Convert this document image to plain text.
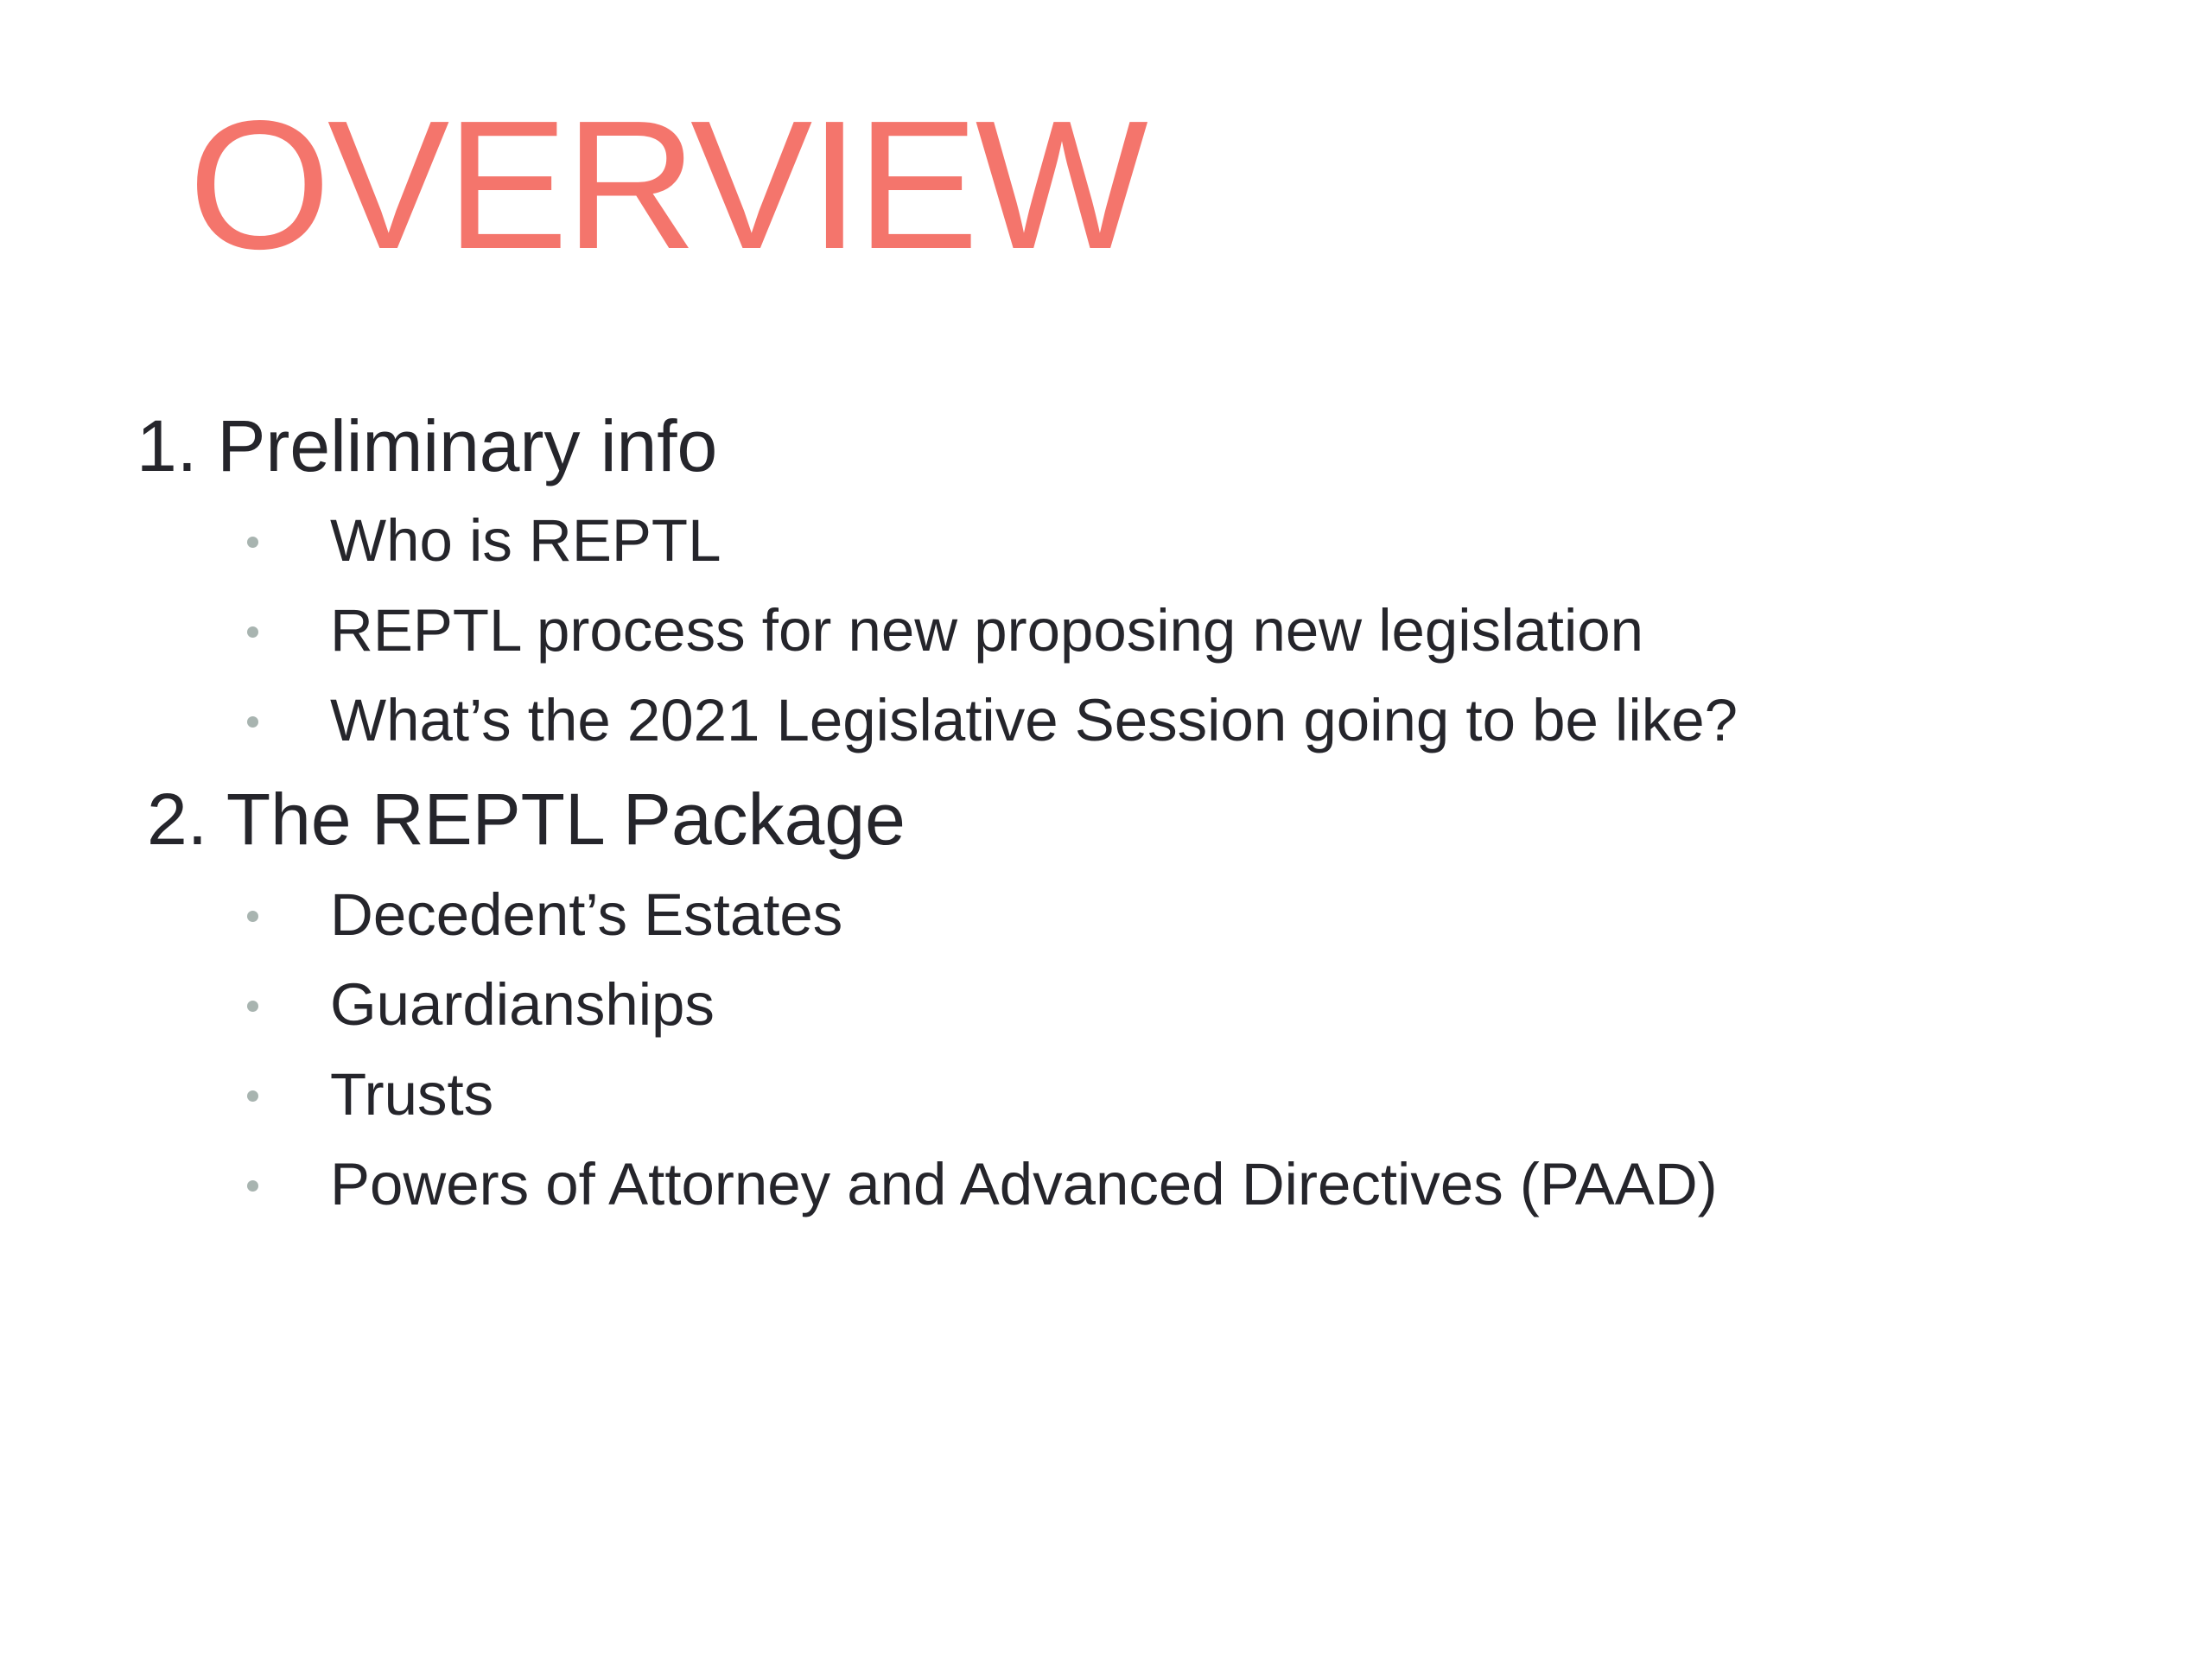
OVERVIEW
1. Preliminary info
Who is REPTL
REPTL process for new proposing new legislation
What’s the 2021 Legislative Session going to be like?
2. The REPTL Package
Decedent’s Estates
Guardianships
Trusts
Powers of Attorney and Advanced Directives (PAAD)
